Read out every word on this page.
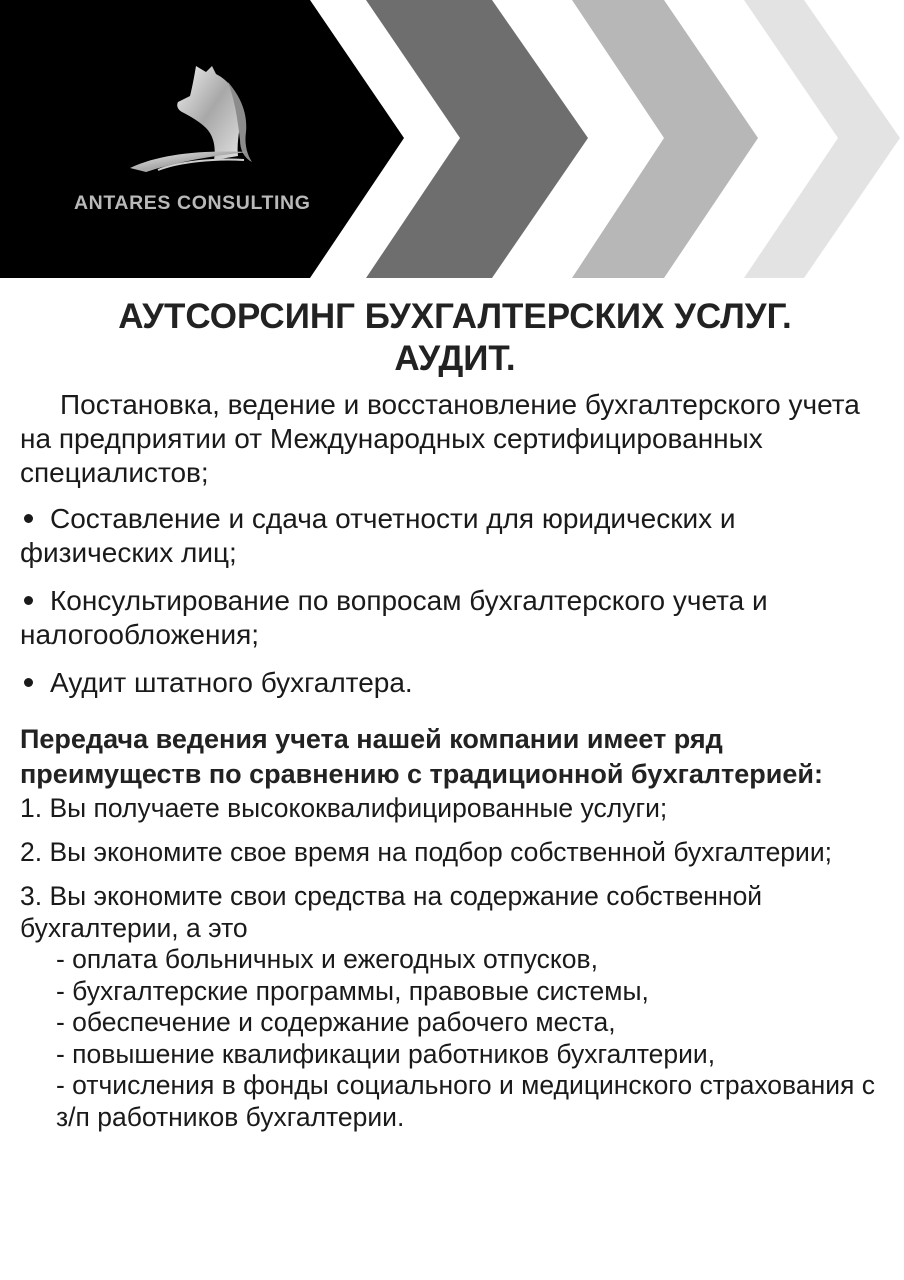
ANTARES CONSULTING
АУТСОРСИНГ БУХГАЛТЕРСКИХ УСЛУГ.
АУДИТ.

Постановка, ведение и восстановление бухгалтерского учета на предприятии от Международных сертифицированных специалистов;

Составление и сдача отчетности для юридических и физических лиц;
Консультирование по вопросам бухгалтерского учета и налогообложения;
Аудит штатного бухгалтера.

Передача ведения учета нашей компании имеет ряд преимуществ по сравнению с традиционной бухгалтерией:

1. Вы получаете высококвалифицированные услуги;

2. Вы экономите свое время на подбор собственной бухгалтерии;

3. Вы экономите свои средства на содержание собственной бухгалтерии, а это

- оплата больничных и ежегодных отпусков,

- бухгалтерские программы, правовые системы,

- обеспечение и содержание рабочего места,

- повышение квалификации работников бухгалтерии,

- отчисления в фонды социального и медицинского страхования с з/п работников бухгалтерии.
